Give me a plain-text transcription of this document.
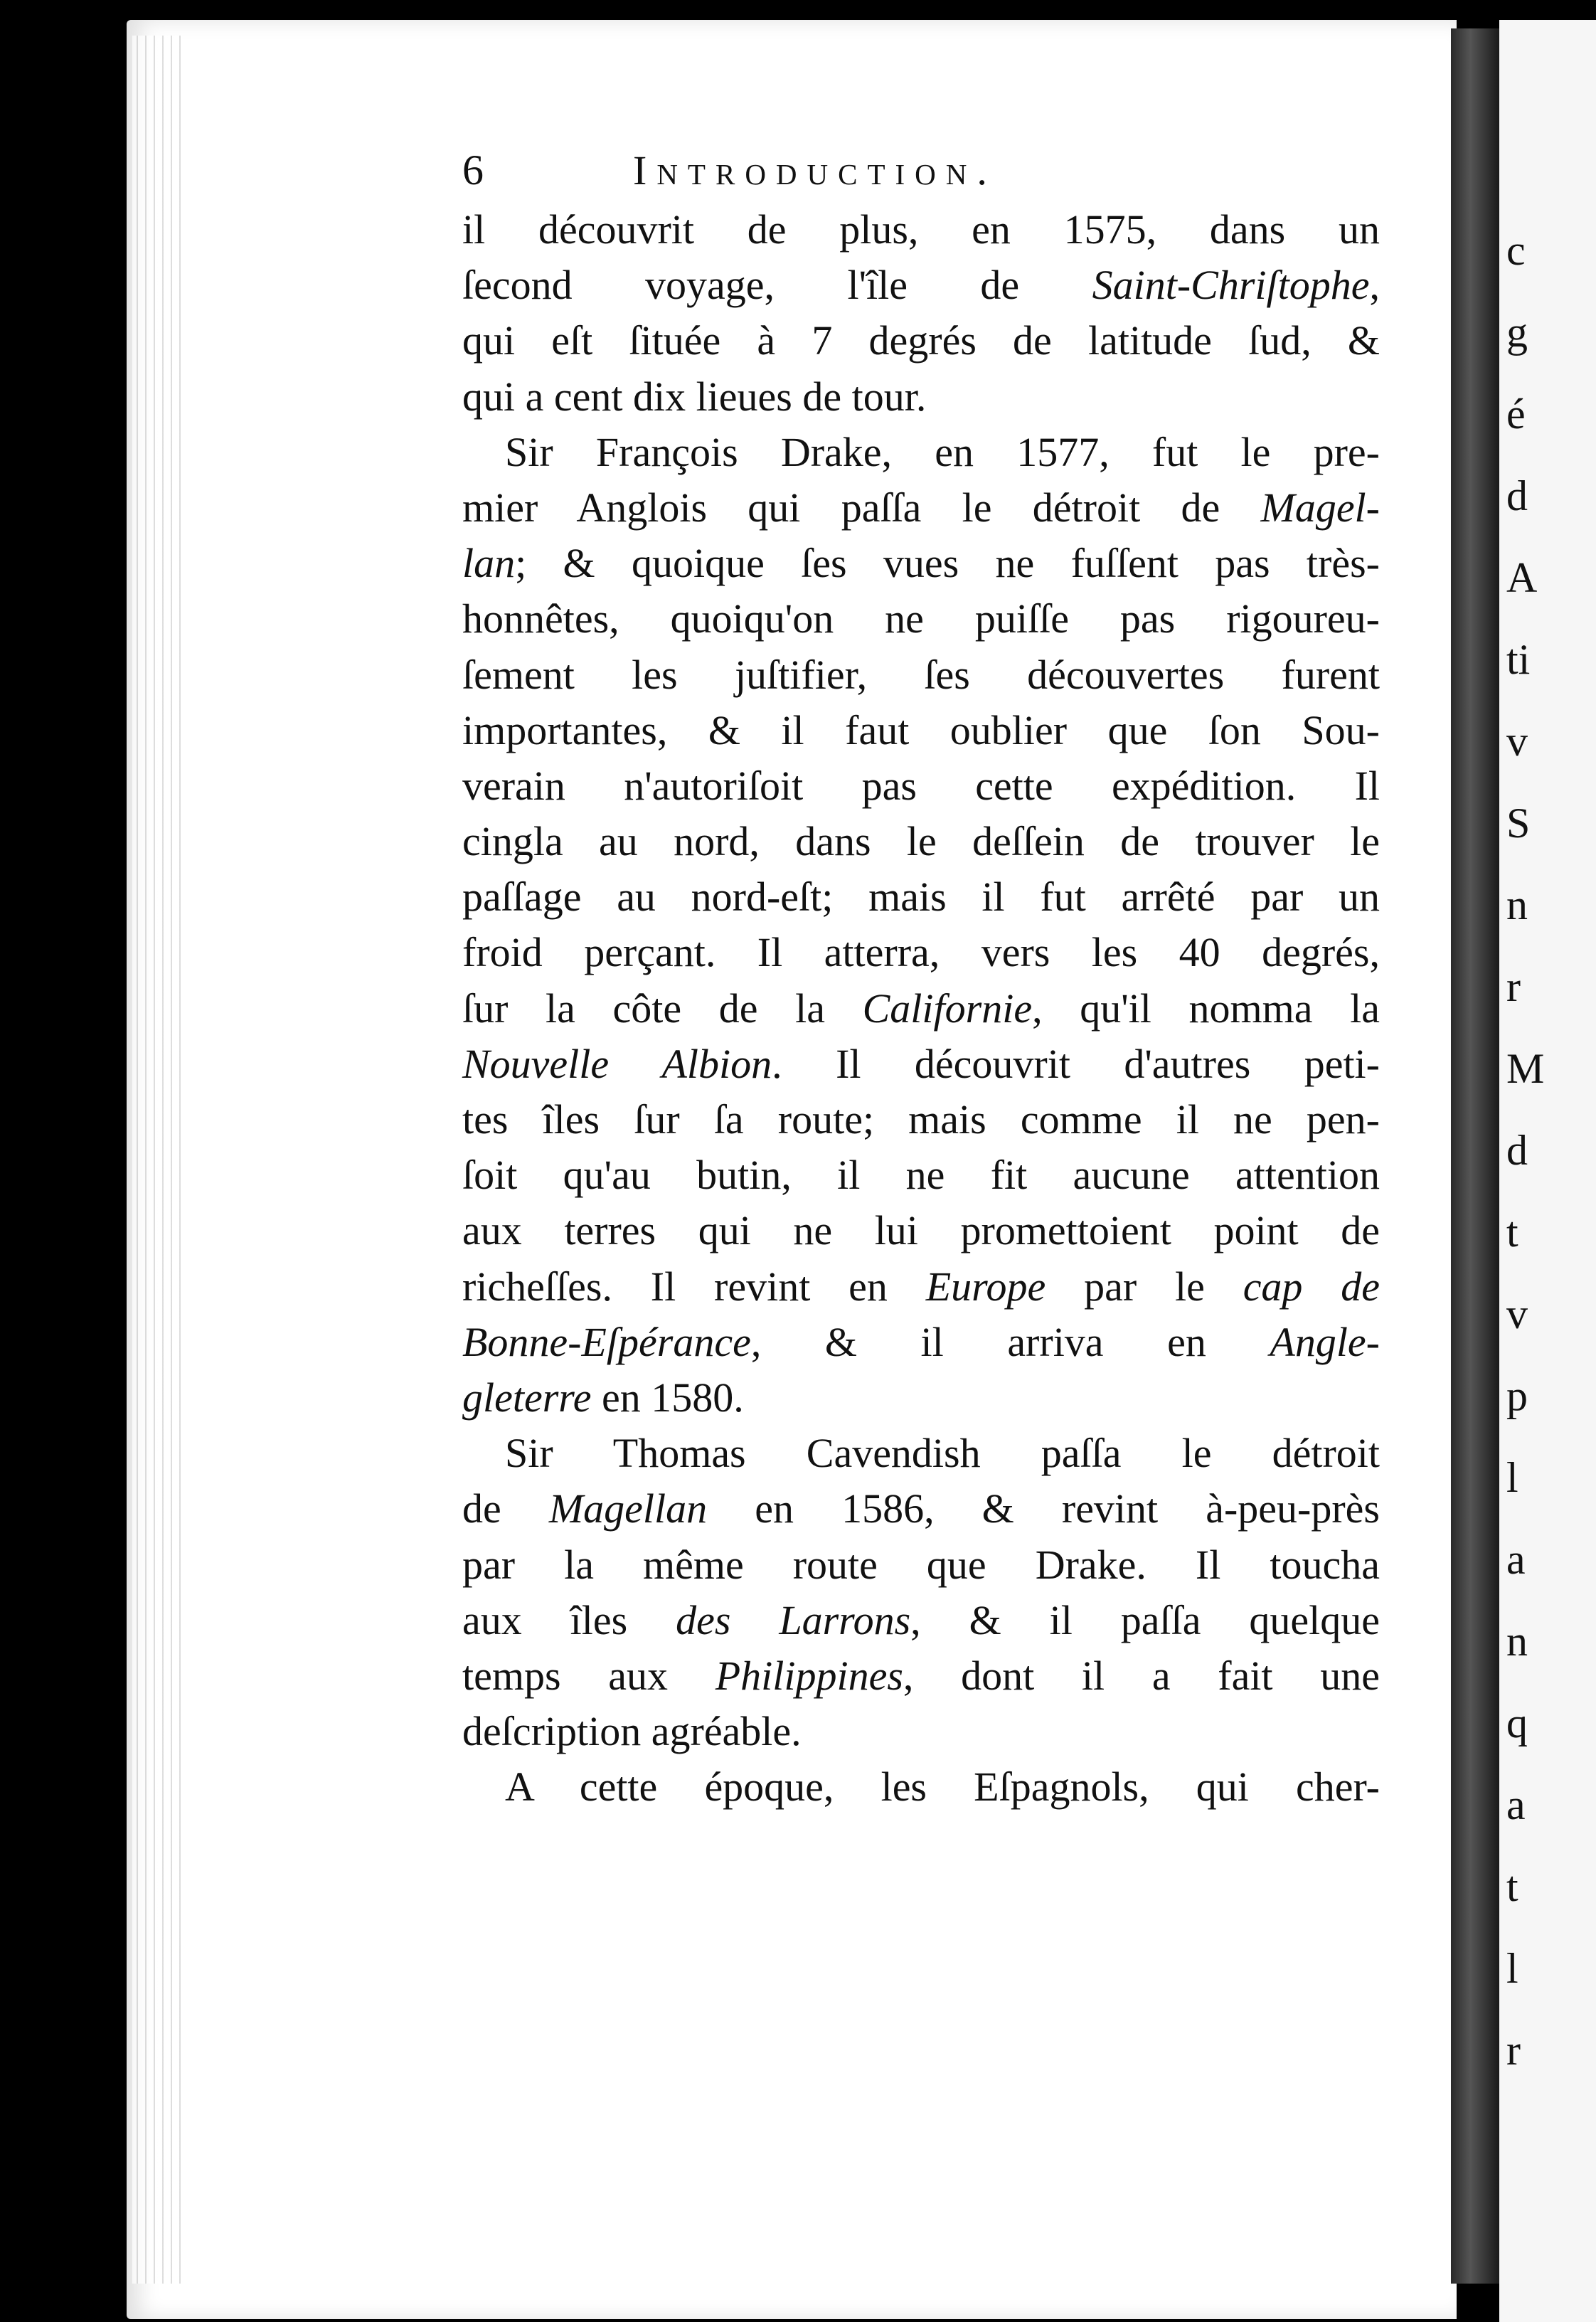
c
g
é
d
A
ti
v
S
n
r
M
d
t
v
p
l
a
n
q
a
t
l
r
6	Introduction.
il découvrit de plus, en 1575, dans un
ſecond voyage, l'île de Saint-Chriſtophe,
qui eſt ſituée à 7 degrés de latitude ſud, &
qui a cent dix lieues de tour.
Sir François Drake, en 1577, fut le pre-
mier Anglois qui paſſa le détroit de Magel-
lan; & quoique ſes vues ne fuſſent pas très-
honnêtes, quoiqu'on ne puiſſe pas rigoureu-
ſement les juſtifier, ſes découvertes furent
importantes, & il faut oublier que ſon Sou-
verain n'autoriſoit pas cette expédition. Il
cingla au nord, dans le deſſein de trouver le
paſſage au nord-eſt; mais il fut arrêté par un
froid perçant. Il atterra, vers les 40 degrés,
ſur la côte de la Californie, qu'il nomma la
Nouvelle Albion. Il découvrit d'autres peti-
tes îles ſur ſa route; mais comme il ne pen-
ſoit qu'au butin, il ne fit aucune attention
aux terres qui ne lui promettoient point de
richeſſes. Il revint en Europe par le cap de
Bonne-Eſpérance, & il arriva en Angle-
gleterre en 1580.
Sir Thomas Cavendish paſſa le détroit
de Magellan en 1586, & revint à-peu-près
par la même route que Drake. Il toucha
aux îles des Larrons, & il paſſa quelque
temps aux Philippines, dont il a fait une
deſcription agréable.
A cette époque, les Eſpagnols, qui cher-
